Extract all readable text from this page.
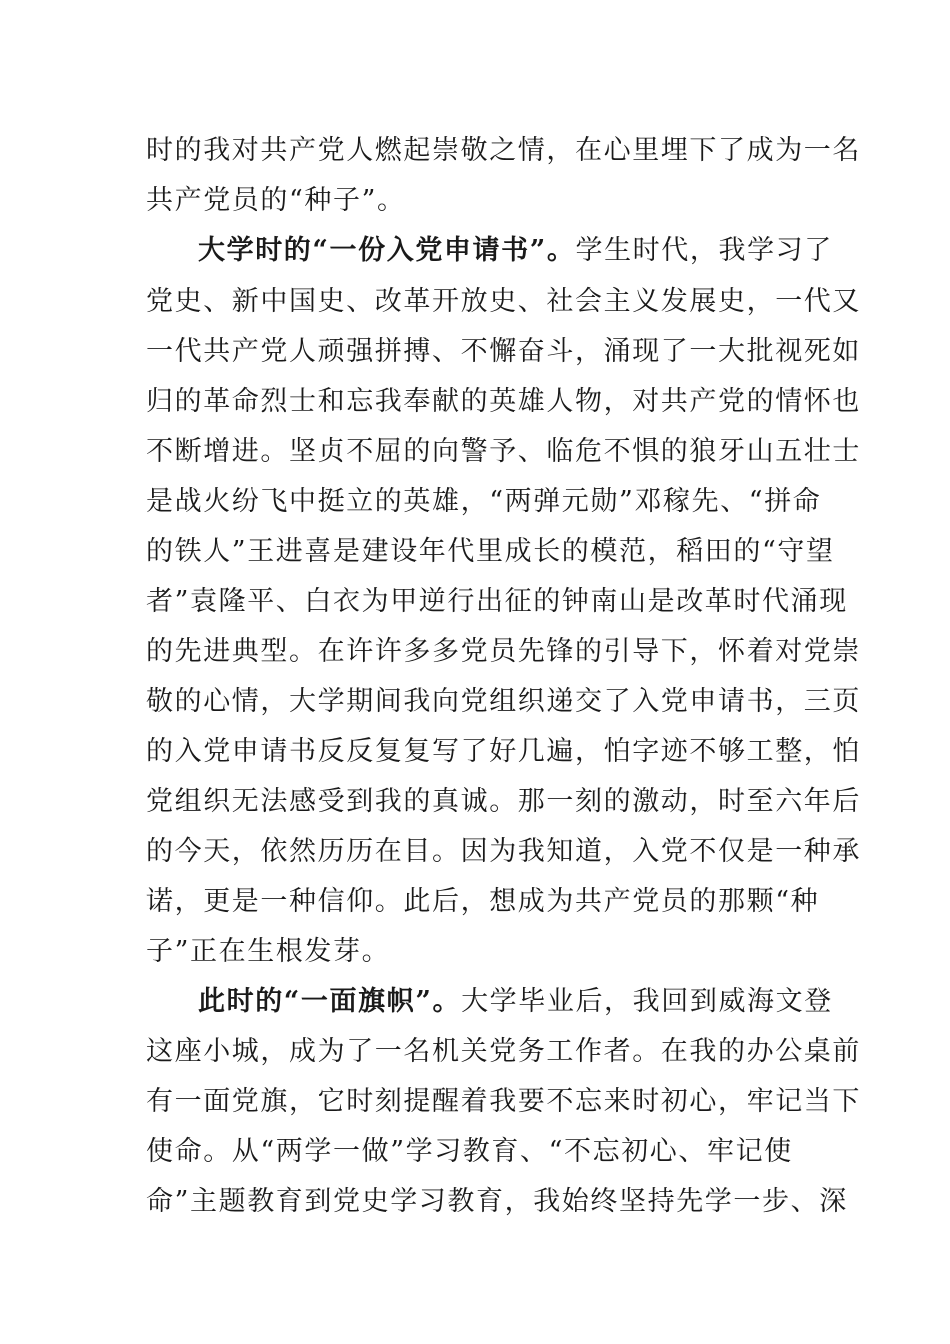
时的我对共产党人燃起崇敬之情，在心里埋下了成为一名
共产党员的“种子”。
大学时的“一份入党申请书”。学生时代，我学习了
党史、新中国史、改革开放史、社会主义发展史，一代又
一代共产党人顽强拼搏、不懈奋斗，涌现了一大批视死如
归的革命烈士和忘我奉献的英雄人物，对共产党的情怀也
不断增进。坚贞不屈的向警予、临危不惧的狼牙山五壮士
是战火纷飞中挺立的英雄，“两弹元勋”邓稼先、“拼命
的铁人”王进喜是建设年代里成长的模范，稻田的“守望
者”袁隆平、白衣为甲逆行出征的钟南山是改革时代涌现
的先进典型。在许许多多党员先锋的引导下，怀着对党崇
敬的心情，大学期间我向党组织递交了入党申请书，三页
的入党申请书反反复复写了好几遍，怕字迹不够工整，怕
党组织无法感受到我的真诚。那一刻的激动，时至六年后
的今天，依然历历在目。因为我知道，入党不仅是一种承
诺，更是一种信仰。此后，想成为共产党员的那颗“种
子”正在生根发芽。
此时的“一面旗帜”。大学毕业后，我回到威海文登
这座小城，成为了一名机关党务工作者。在我的办公桌前
有一面党旗，它时刻提醒着我要不忘来时初心，牢记当下
使命。从“两学一做”学习教育、“不忘初心、牢记使
命”主题教育到党史学习教育，我始终坚持先学一步、深
